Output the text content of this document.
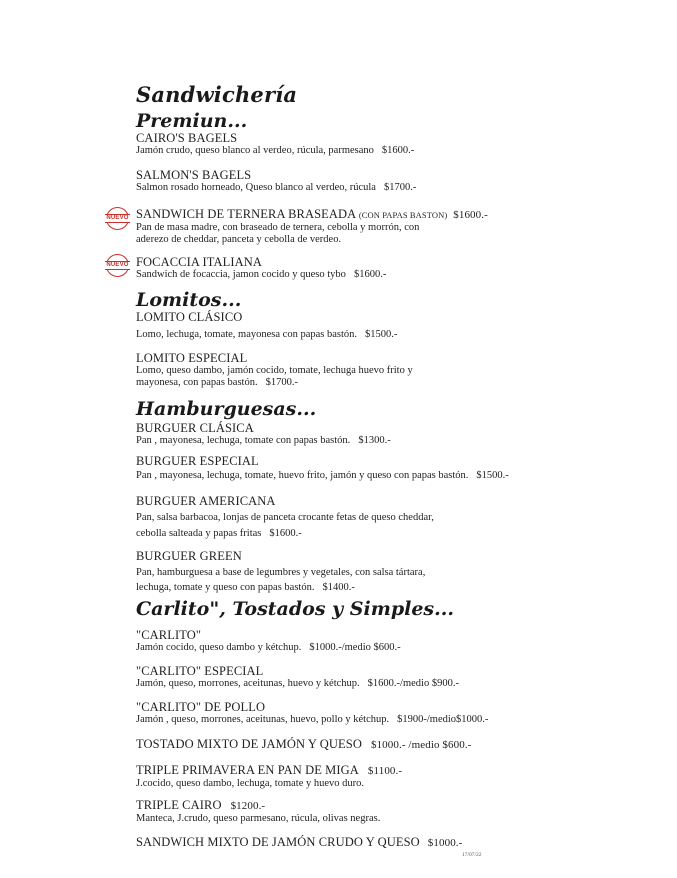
Sandwichería
Premiun...
CAIRO'S BAGELS
Jamón crudo, queso blanco al verdeo, rúcula, parmesano $1600.-
SALMON'S BAGELS
Salmon rosado horneado, Queso blanco al verdeo, rúcula $1700.-
NUEVO SANDWICH DE TERNERA BRASEADA (CON PAPAS BASTON) $1600.-
Pan de masa madre, con braseado de ternera, cebolla y morrón, con
aderezo de cheddar, panceta y cebolla de verdeo.
NUEVO FOCACCIA ITALIANA
Sandwich de focaccia, jamon cocido y queso tybo $1600.-
Lomitos...
LOMITO CLÁSICO
Lomo, lechuga, tomate, mayonesa con papas bastón. $1500.-
LOMITO ESPECIAL
Lomo, queso dambo, jamón cocido, tomate, lechuga huevo frito y
mayonesa, con papas bastón. $1700.-
Hamburguesas...
BURGUER CLÁSICA
Pan , mayonesa, lechuga, tomate con papas bastón. $1300.-
BURGUER ESPECIAL
Pan , mayonesa, lechuga, tomate, huevo frito, jamón y queso con papas bastón. $1500.-
BURGUER AMERICANA
Pan, salsa barbacoa, lonjas de panceta crocante fetas de queso cheddar,
cebolla salteada y papas fritas $1600.-
BURGUER GREEN
Pan, hamburguesa a base de legumbres y vegetales, con salsa tártara,
lechuga, tomate y queso con papas bastón. $1400.-
Carlito", Tostados y Simples...
"CARLITO"
Jamón cocido, queso dambo y kétchup. $1000.-/medio $600.-
"CARLITO" ESPECIAL
Jamón, queso, morrones, aceitunas, huevo y kétchup. $1600.-/medio $900.-
"CARLITO" DE POLLO
Jamón , queso, morrones, aceitunas, huevo, pollo y kétchup. $1900-/medio$1000.-
TOSTADO MIXTO DE JAMÓN Y QUESO $1000.- /medio $600.-
TRIPLE PRIMAVERA EN PAN DE MIGA $1100.-
J.cocido, queso dambo, lechuga, tomate y huevo duro.
TRIPLE CAIRO $1200.-
Manteca, J.crudo, queso parmesano, rúcula, olivas negras.
SANDWICH MIXTO DE JAMÓN CRUDO Y QUESO $1000.-
17/07/22
